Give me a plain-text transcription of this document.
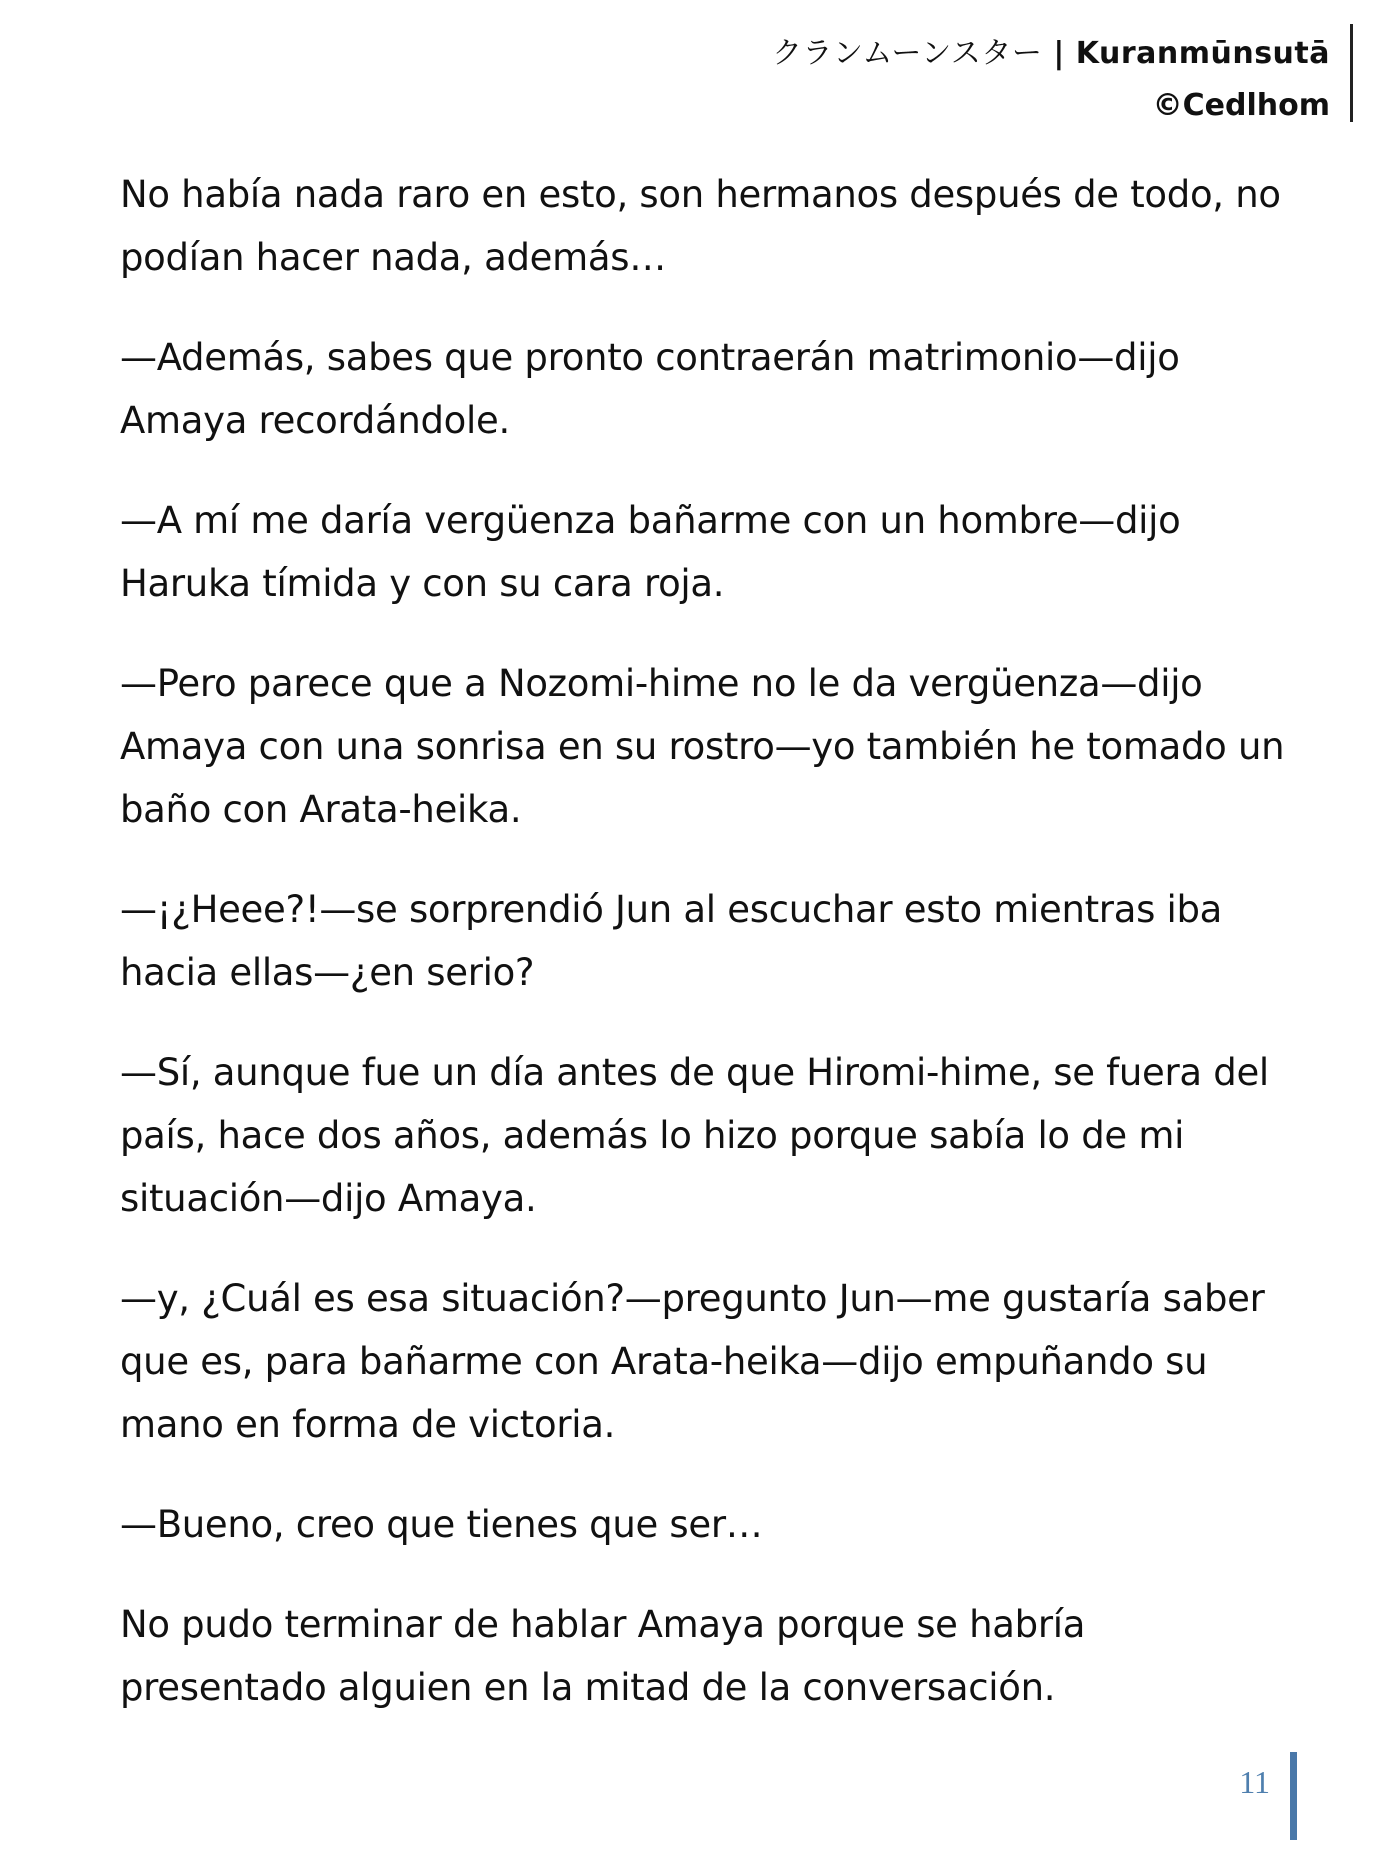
クランムーンスター | Kuranmūnsutā
©Cedlhom

No había nada raro en esto, son hermanos después de todo, no podían hacer nada, además…

—Además, sabes que pronto contraerán matrimonio—dijo Amaya recordándole.

—A mí me daría vergüenza bañarme con un hombre—dijo Haruka tímida y con su cara roja.

—Pero parece que a Nozomi-hime no le da vergüenza—dijo Amaya con una sonrisa en su rostro—yo también he tomado un baño con Arata-heika.

—¡¿Heee?!—se sorprendió Jun al escuchar esto mientras iba hacia ellas—¿en serio?

—Sí, aunque fue un día antes de que Hiromi-hime, se fuera del país, hace dos años, además lo hizo porque sabía lo de mi situación—dijo Amaya.

—y, ¿Cuál es esa situación?—pregunto Jun—me gustaría saber que es, para bañarme con Arata-heika—dijo empuñando su mano en forma de victoria.

—Bueno, creo que tienes que ser…

No pudo terminar de hablar Amaya porque se habría presentado alguien en la mitad de la conversación.

11
